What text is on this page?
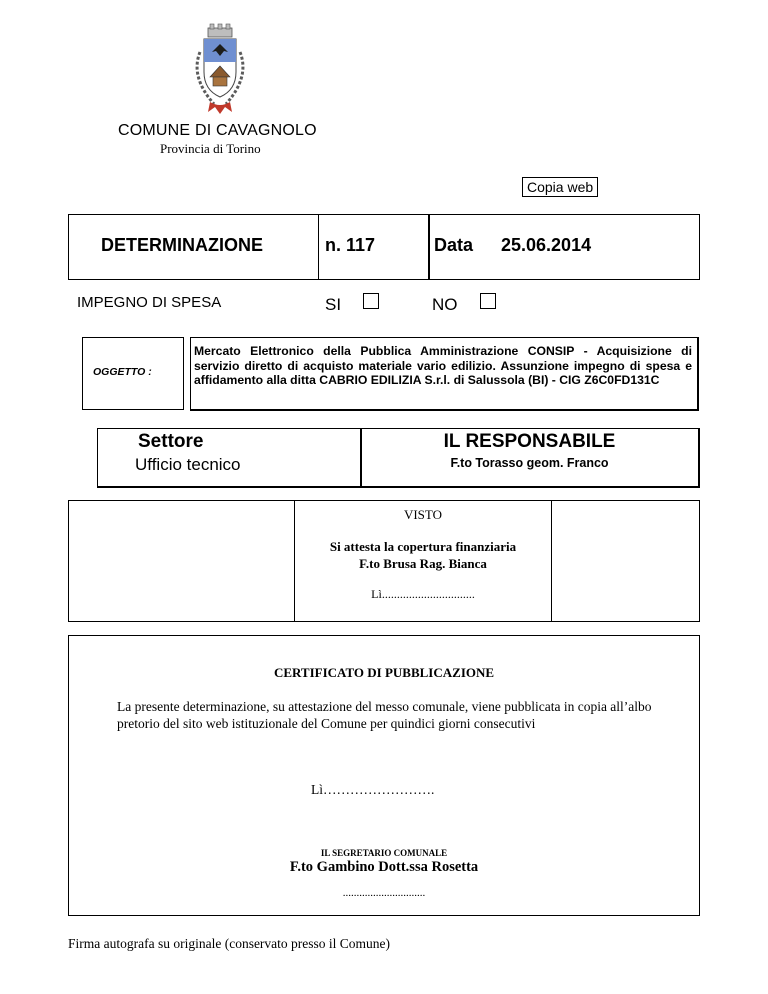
COMUNE DI CAVAGNOLO
Provincia di Torino
Copia web
DETERMINAZIONE	n. 117	Data 25.06.2014
IMPEGNO DI SPESA	SI	NO
OGGETTO :
Mercato Elettronico della Pubblica Amministrazione CONSIP - Acquisizione di servizio diretto di acquisto materiale vario edilizio. Assunzione impegno di spesa e affidamento alla ditta CABRIO EDILIZIA S.r.l. di Salussola (BI) - CIG Z6C0FD131C
Settore
Ufficio tecnico
IL RESPONSABILE
F.to Torasso geom. Franco
VISTO
Si attesta la copertura finanziaria
F.to Brusa Rag. Bianca
Lì...............................
CERTIFICATO DI PUBBLICAZIONE
La presente determinazione, su attestazione del messo comunale, viene pubblicata in copia all’albo pretorio del sito web istituzionale del Comune per quindici giorni consecutivi
Lì…………………….
IL SEGRETARIO COMUNALE
F.to Gambino Dott.ssa Rosetta
..............................
Firma autografa su originale (conservato presso il Comune)
